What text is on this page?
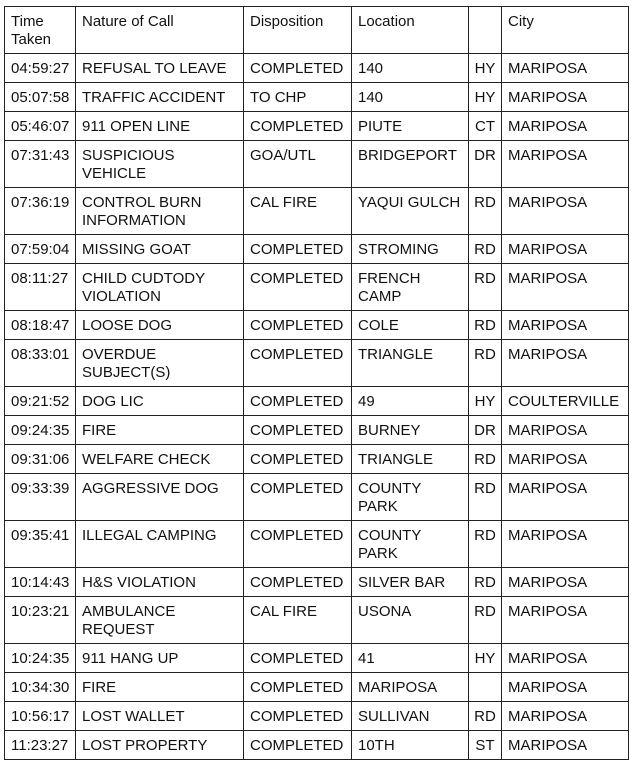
Time Taken	Nature of Call	Disposition	Location		City
04:59:27	REFUSAL TO LEAVE	COMPLETED	140	HY	MARIPOSA
05:07:58	TRAFFIC ACCIDENT	TO CHP	140	HY	MARIPOSA
05:46:07	911 OPEN LINE	COMPLETED	PIUTE	CT	MARIPOSA
07:31:43	SUSPICIOUS VEHICLE	GOA/UTL	BRIDGEPORT	DR	MARIPOSA
07:36:19	CONTROL BURN INFORMATION	CAL FIRE	YAQUI GULCH	RD	MARIPOSA
07:59:04	MISSING GOAT	COMPLETED	STROMING	RD	MARIPOSA
08:11:27	CHILD CUDTODY VIOLATION	COMPLETED	FRENCH CAMP	RD	MARIPOSA
08:18:47	LOOSE DOG	COMPLETED	COLE	RD	MARIPOSA
08:33:01	OVERDUE SUBJECT(S)	COMPLETED	TRIANGLE	RD	MARIPOSA
09:21:52	DOG LIC	COMPLETED	49	HY	COULTERVILLE
09:24:35	FIRE	COMPLETED	BURNEY	DR	MARIPOSA
09:31:06	WELFARE CHECK	COMPLETED	TRIANGLE	RD	MARIPOSA
09:33:39	AGGRESSIVE DOG	COMPLETED	COUNTY PARK	RD	MARIPOSA
09:35:41	ILLEGAL CAMPING	COMPLETED	COUNTY PARK	RD	MARIPOSA
10:14:43	H&S VIOLATION	COMPLETED	SILVER BAR	RD	MARIPOSA
10:23:21	AMBULANCE REQUEST	CAL FIRE	USONA	RD	MARIPOSA
10:24:35	911 HANG UP	COMPLETED	41	HY	MARIPOSA
10:34:30	FIRE	COMPLETED	MARIPOSA		MARIPOSA
10:56:17	LOST WALLET	COMPLETED	SULLIVAN	RD	MARIPOSA
11:23:27	LOST PROPERTY	COMPLETED	10TH	ST	MARIPOSA
